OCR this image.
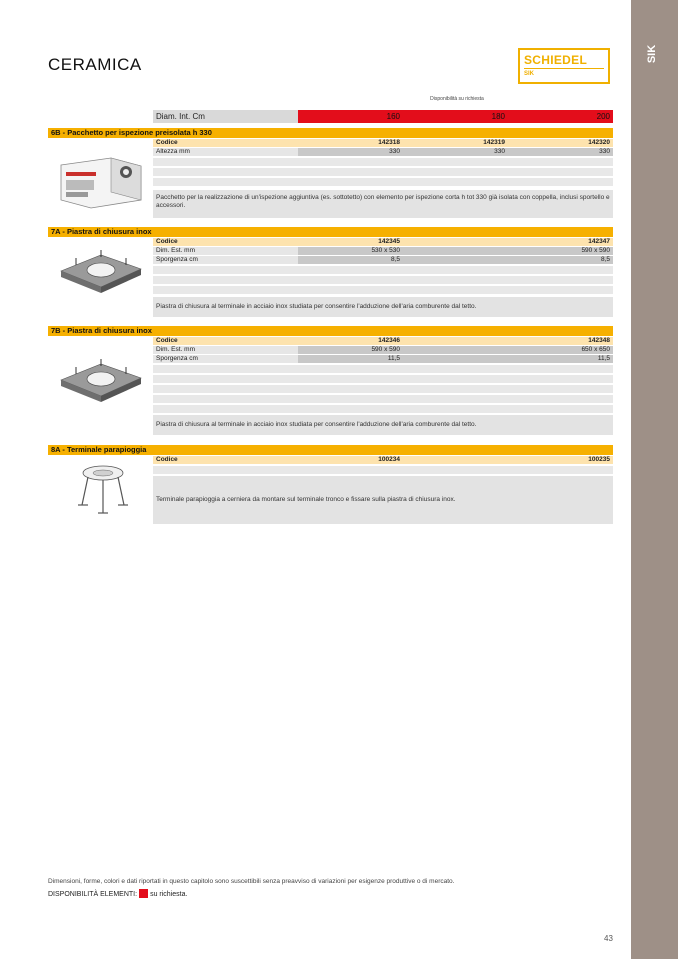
SIK
CERAMICA	SCHIEDEL
SIK
Disponibilità su richiesta
Diam. Int. Cm	160	180	200
6B - Pacchetto per ispezione preisolata h 330
Codice	142318	142319	142320
Altezza mm	330	330	330
Pacchetto per la realizzazione di un'ispezione aggiuntiva (es. sottotetto) con elemento per ispezione corta h tot 330 già isolata con coppella, inclusi sportello e accessori.
7A - Piastra di chiusura inox
Codice	142345	142347
Dim. Est. mm	530 x 530	590 x 590
Sporgenza cm	8,5	8,5
Piastra di chiusura al terminale in acciaio inox studiata per consentire l'adduzione dell'aria comburente dal tetto.
7B - Piastra di chiusura inox
Codice	142346	142348
Dim. Est. mm	590 x 590	650 x 650
Sporgenza cm	11,5	11,5
Piastra di chiusura al terminale in acciaio inox studiata per consentire l'adduzione dell'aria comburente dal tetto.
8A - Terminale parapioggia
Codice	100234	100235
Terminale parapioggia a cerniera da montare sul terminale tronco e fissare sulla piastra di chiusura inox.
Dimensioni, forme, colori e dati riportati in questo capitolo sono suscettibili senza preavviso di variazioni per esigenze produttive o di mercato.
DISPONIBILITÀ ELEMENTI: su richiesta.
43
